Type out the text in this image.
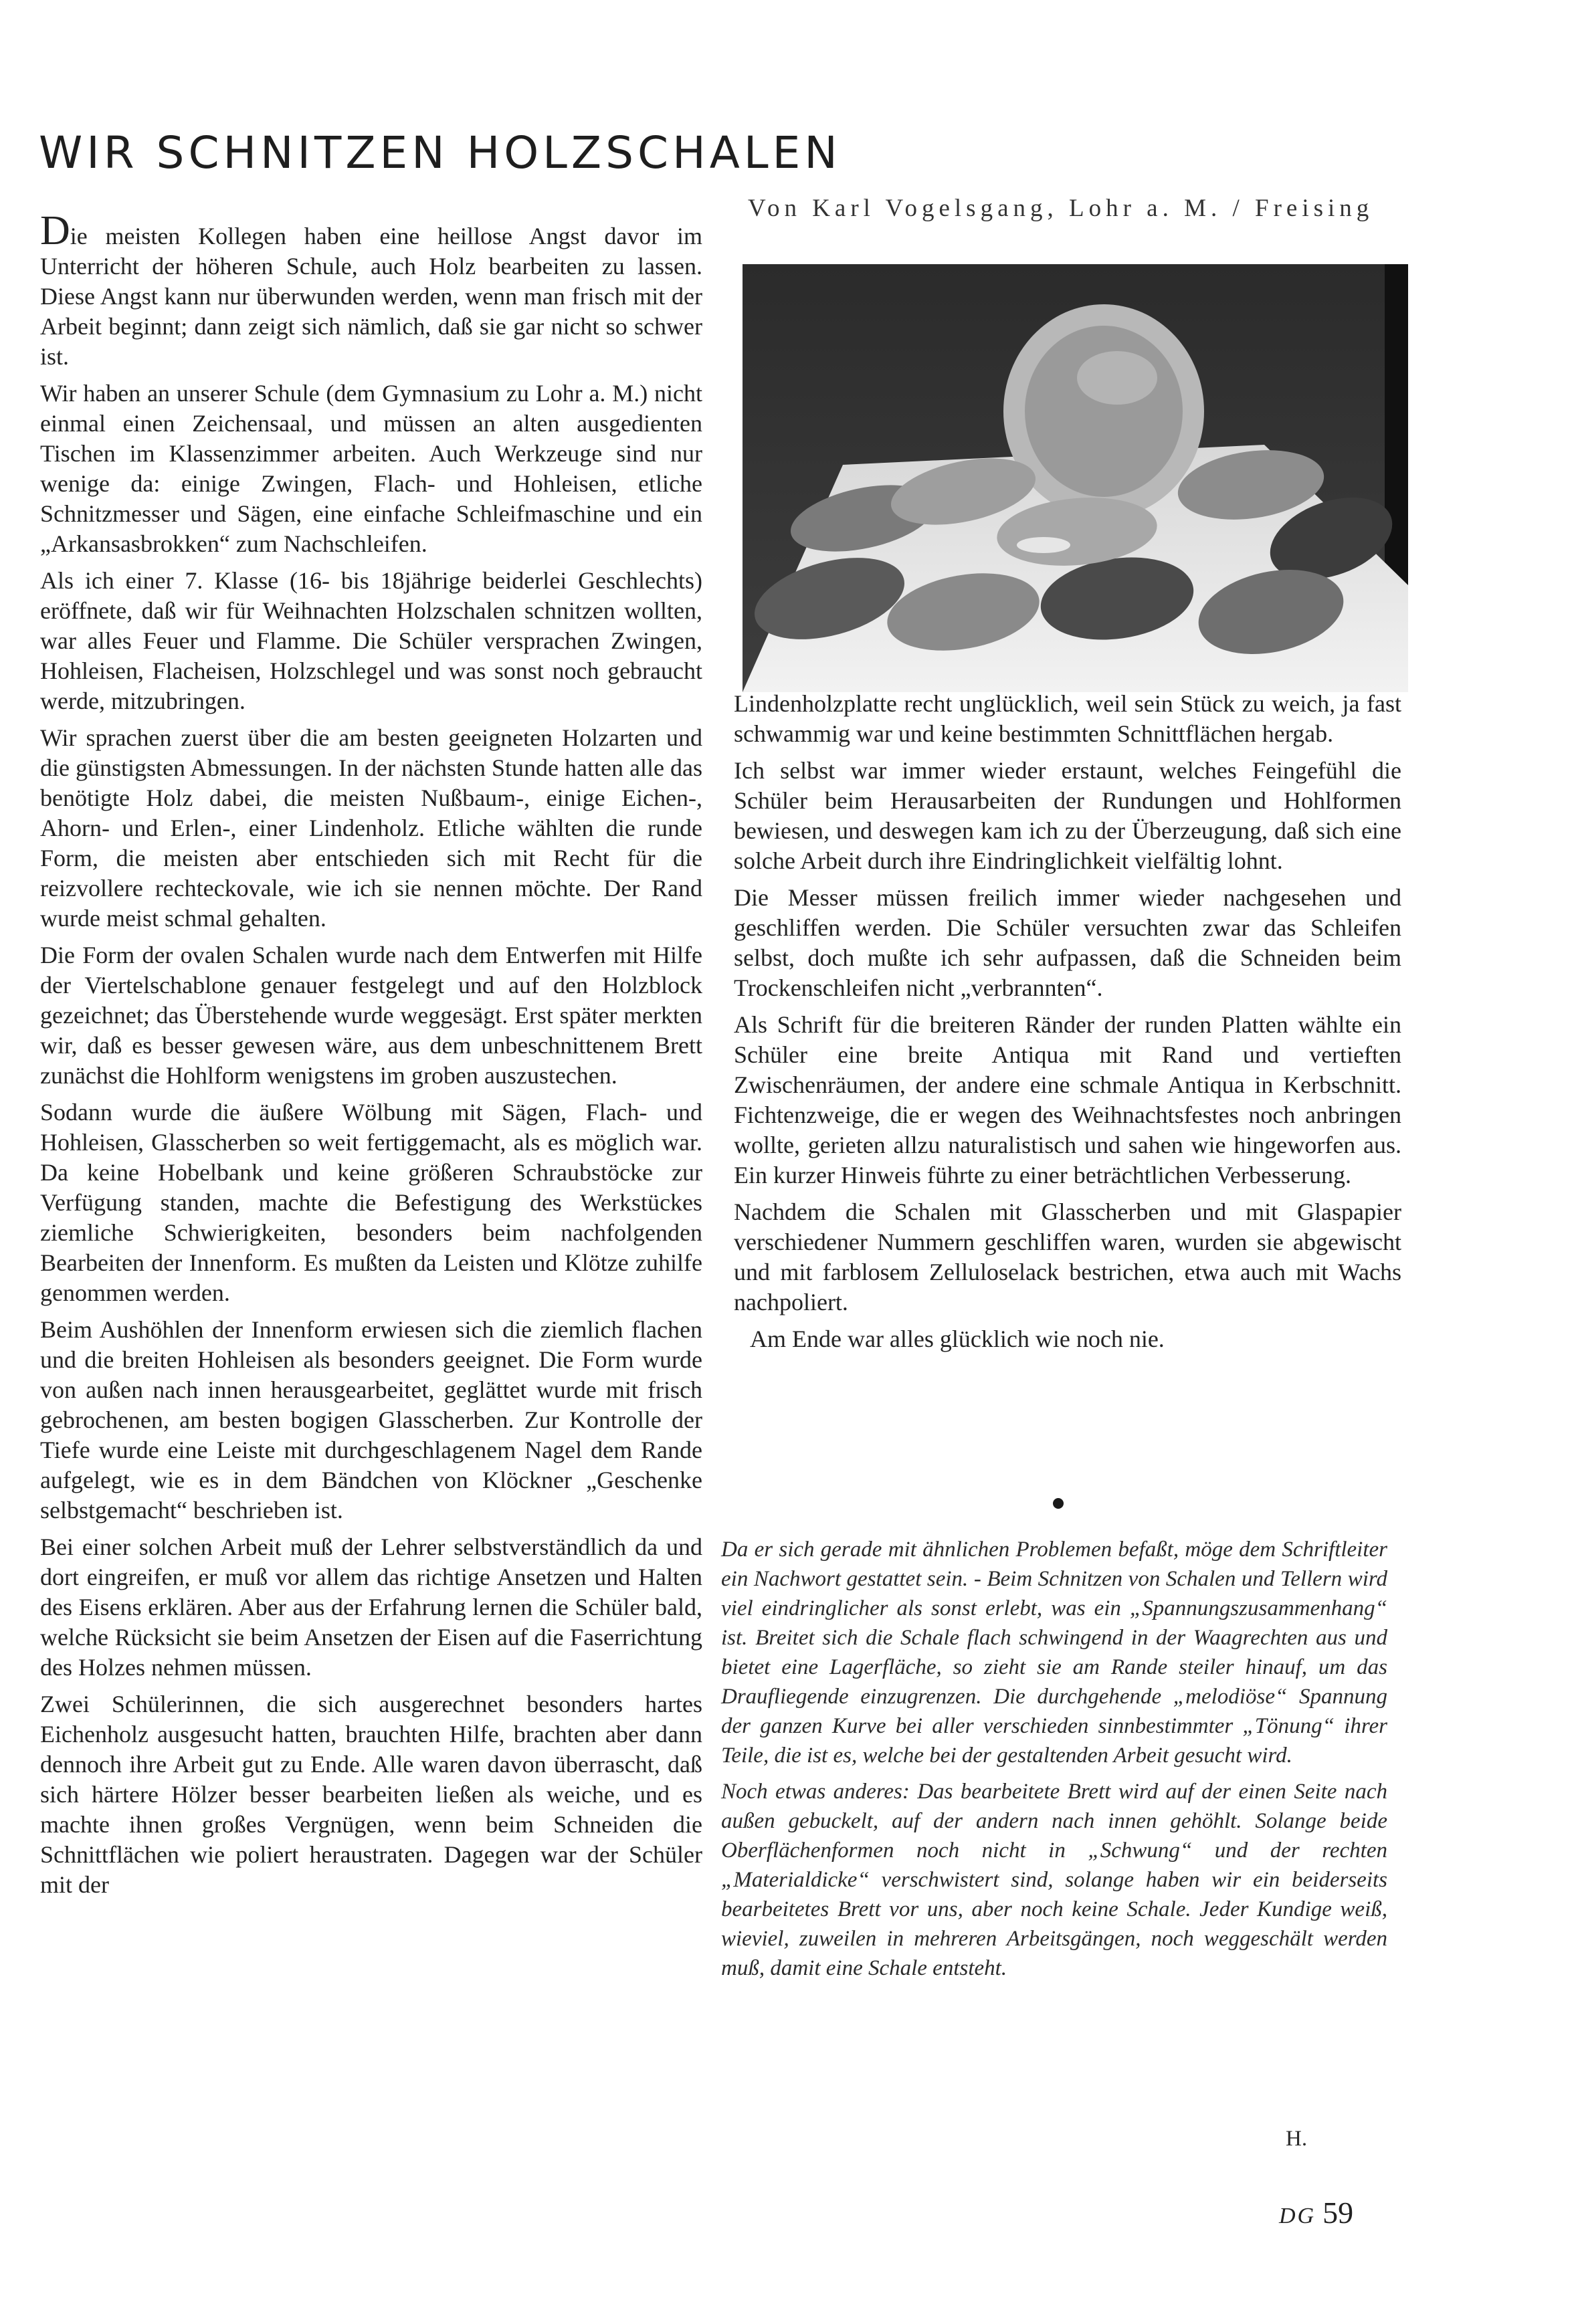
WIR SCHNITZEN HOLZSCHALEN
Von Karl Vogelsgang, Lohr a. M. / Freising

Die meisten Kollegen haben eine heillose Angst davor im Unterricht der höheren Schule, auch Holz bearbeiten zu lassen. Diese Angst kann nur überwunden werden, wenn man frisch mit der Arbeit beginnt; dann zeigt sich nämlich, daß sie gar nicht so schwer ist.

Wir haben an unserer Schule (dem Gymnasium zu Lohr a. M.) nicht einmal einen Zeichensaal, und müssen an alten ausgedienten Tischen im Klassenzimmer arbeiten. Auch Werkzeuge sind nur wenige da: einige Zwingen, Flach- und Hohleisen, etliche Schnitzmesser und Sägen, eine einfache Schleifmaschine und ein „Arkansasbrokken“ zum Nachschleifen.

Als ich einer 7. Klasse (16- bis 18jährige beiderlei Geschlechts) eröffnete, daß wir für Weihnachten Holzschalen schnitzen wollten, war alles Feuer und Flamme. Die Schüler versprachen Zwingen, Hohleisen, Flacheisen, Holzschlegel und was sonst noch gebraucht werde, mitzubringen.

Wir sprachen zuerst über die am besten geeigneten Holzarten und die günstigsten Abmessungen. In der nächsten Stunde hatten alle das benötigte Holz dabei, die meisten Nußbaum-, einige Eichen-, Ahorn- und Erlen-, einer Lindenholz. Etliche wählten die runde Form, die meisten aber entschieden sich mit Recht für die reizvollere rechteckovale, wie ich sie nennen möchte. Der Rand wurde meist schmal gehalten.

Die Form der ovalen Schalen wurde nach dem Entwerfen mit Hilfe der Viertelschablone genauer festgelegt und auf den Holzblock gezeichnet; das Überstehende wurde weggesägt. Erst später merkten wir, daß es besser gewesen wäre, aus dem unbeschnittenem Brett zunächst die Hohlform wenigstens im groben auszustechen.

Sodann wurde die äußere Wölbung mit Sägen, Flach- und Hohleisen, Glasscherben so weit fertiggemacht, als es möglich war. Da keine Hobelbank und keine größeren Schraubstöcke zur Verfügung standen, machte die Befestigung des Werkstückes ziemliche Schwierigkeiten, besonders beim nachfolgenden Bearbeiten der Innenform. Es mußten da Leisten und Klötze zuhilfe genommen werden.

Beim Aushöhlen der Innenform erwiesen sich die ziemlich flachen und die breiten Hohleisen als besonders geeignet. Die Form wurde von außen nach innen herausgearbeitet, geglättet wurde mit frisch gebrochenen, am besten bogigen Glasscherben. Zur Kontrolle der Tiefe wurde eine Leiste mit durchgeschlagenem Nagel dem Rande aufgelegt, wie es in dem Bändchen von Klöckner „Geschenke selbstgemacht“ beschrieben ist.

Bei einer solchen Arbeit muß der Lehrer selbstverständlich da und dort eingreifen, er muß vor allem das richtige Ansetzen und Halten des Eisens erklären. Aber aus der Erfahrung lernen die Schüler bald, welche Rücksicht sie beim Ansetzen der Eisen auf die Faserrichtung des Holzes nehmen müssen.

Zwei Schülerinnen, die sich ausgerechnet besonders hartes Eichenholz ausgesucht hatten, brauchten Hilfe, brachten aber dann dennoch ihre Arbeit gut zu Ende. Alle waren davon überrascht, daß sich härtere Hölzer besser bearbeiten ließen als weiche, und es machte ihnen großes Vergnügen, wenn beim Schneiden die Schnittflächen wie poliert heraustraten. Dagegen war der Schüler mit der

Lindenholzplatte recht unglücklich, weil sein Stück zu weich, ja fast schwammig war und keine bestimmten Schnittflächen hergab.

Ich selbst war immer wieder erstaunt, welches Feingefühl die Schüler beim Herausarbeiten der Rundungen und Hohlformen bewiesen, und deswegen kam ich zu der Überzeugung, daß sich eine solche Arbeit durch ihre Eindringlichkeit vielfältig lohnt.

Die Messer müssen freilich immer wieder nachgesehen und geschliffen werden. Die Schüler versuchten zwar das Schleifen selbst, doch mußte ich sehr aufpassen, daß die Schneiden beim Trockenschleifen nicht „verbrannten“.

Als Schrift für die breiteren Ränder der runden Platten wählte ein Schüler eine breite Antiqua mit Rand und vertieften Zwischenräumen, der andere eine schmale Antiqua in Kerbschnitt. Fichtenzweige, die er wegen des Weihnachtsfestes noch anbringen wollte, gerieten allzu naturalistisch und sahen wie hingeworfen aus. Ein kurzer Hinweis führte zu einer beträchtlichen Verbesserung.

Nachdem die Schalen mit Glasscherben und mit Glaspapier verschiedener Nummern geschliffen waren, wurden sie abgewischt und mit farblosem Zelluloselack bestrichen, etwa auch mit Wachs nachpoliert.

Am Ende war alles glücklich wie noch nie.

Da er sich gerade mit ähnlichen Problemen befaßt, möge dem Schriftleiter ein Nachwort gestattet sein. - Beim Schnitzen von Schalen und Tellern wird viel eindringlicher als sonst erlebt, was ein „Spannungszusammenhang“ ist. Breitet sich die Schale flach schwingend in der Waagrechten aus und bietet eine Lagerfläche, so zieht sie am Rande steiler hinauf, um das Draufliegende einzugrenzen. Die durchgehende „melodiöse“ Spannung der ganzen Kurve bei aller verschieden sinnbestimmter „Tönung“ ihrer Teile, die ist es, welche bei der gestaltenden Arbeit gesucht wird.

Noch etwas anderes: Das bearbeitete Brett wird auf der einen Seite nach außen gebuckelt, auf der andern nach innen gehöhlt. Solange beide Oberflächenformen noch nicht in „Schwung“ und der rechten „Materialdicke“ verschwistert sind, solange haben wir ein beiderseits bearbeitetes Brett vor uns, aber noch keine Schale. Jeder Kundige weiß, wieviel, zuweilen in mehreren Arbeitsgängen, noch weggeschält werden muß, damit eine Schale entsteht.

H.
DG 59
